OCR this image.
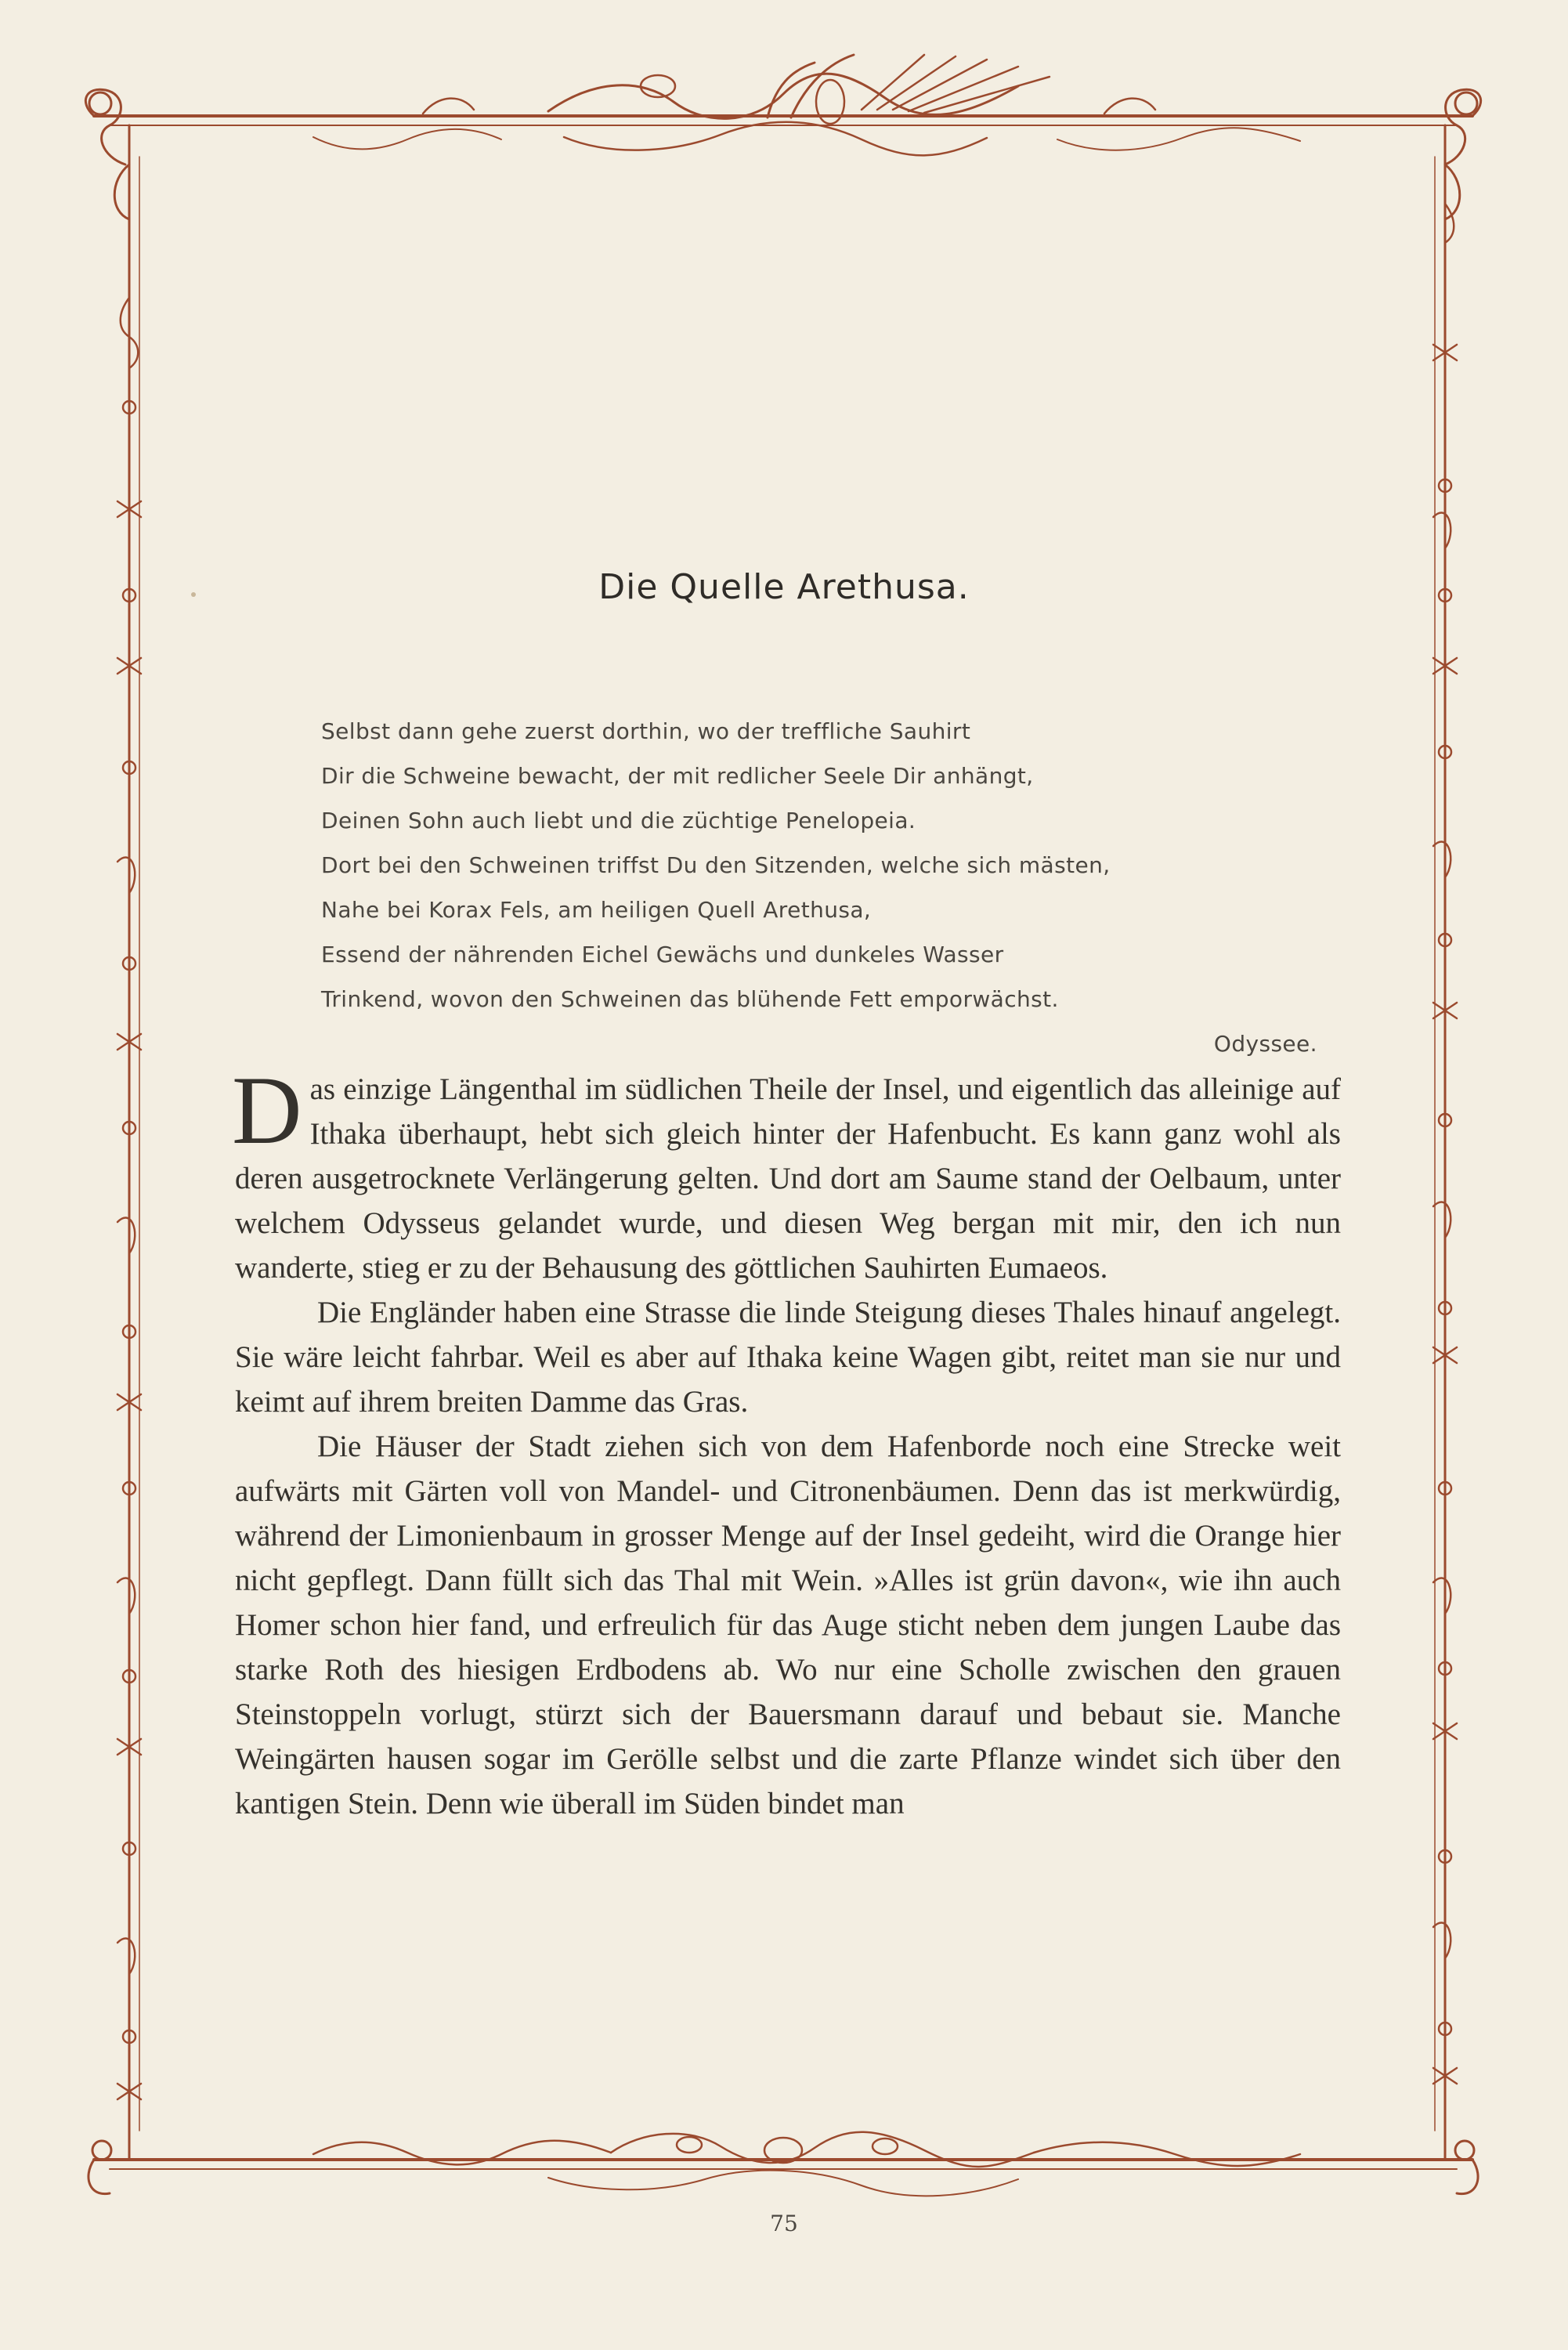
Die Quelle Arethusa.
Selbst dann gehe zuerst dorthin, wo der treffliche Sauhirt
Dir die Schweine bewacht, der mit redlicher Seele Dir anhängt,
Deinen Sohn auch liebt und die züchtige Penelopeia.
Dort bei den Schweinen triffst Du den Sitzenden, welche sich mästen,
Nahe bei Korax Fels, am heiligen Quell Arethusa,
Essend der nährenden Eichel Gewächs und dunkeles Wasser
Trinkend, wovon den Schweinen das blühende Fett emporwächst.
Odyssee.

Das einzige Längenthal im südlichen Theile der Insel, und eigentlich das alleinige auf Ithaka überhaupt, hebt sich gleich hinter der Hafenbucht. Es kann ganz wohl als deren ausgetrocknete Verlängerung gelten. Und dort am Saume stand der Oelbaum, unter welchem Odysseus gelandet wurde, und diesen Weg bergan mit mir, den ich nun wanderte, stieg er zu der Behausung des göttlichen Sauhirten Eumaeos.

Die Engländer haben eine Strasse die linde Steigung dieses Thales hinauf angelegt. Sie wäre leicht fahrbar. Weil es aber auf Ithaka keine Wagen gibt, reitet man sie nur und keimt auf ihrem breiten Damme das Gras.

Die Häuser der Stadt ziehen sich von dem Hafenborde noch eine Strecke weit aufwärts mit Gärten voll von Mandel- und Citronenbäumen. Denn das ist merkwürdig, während der Limonienbaum in grosser Menge auf der Insel gedeiht, wird die Orange hier nicht gepflegt. Dann füllt sich das Thal mit Wein. »Alles ist grün davon«, wie ihn auch Homer schon hier fand, und erfreulich für das Auge sticht neben dem jungen Laube das starke Roth des hiesigen Erdbodens ab. Wo nur eine Scholle zwischen den grauen Steinstoppeln vorlugt, stürzt sich der Bauersmann darauf und bebaut sie. Manche Weingärten hausen sogar im Gerölle selbst und die zarte Pflanze windet sich über den kantigen Stein. Denn wie überall im Süden bindet man

75
